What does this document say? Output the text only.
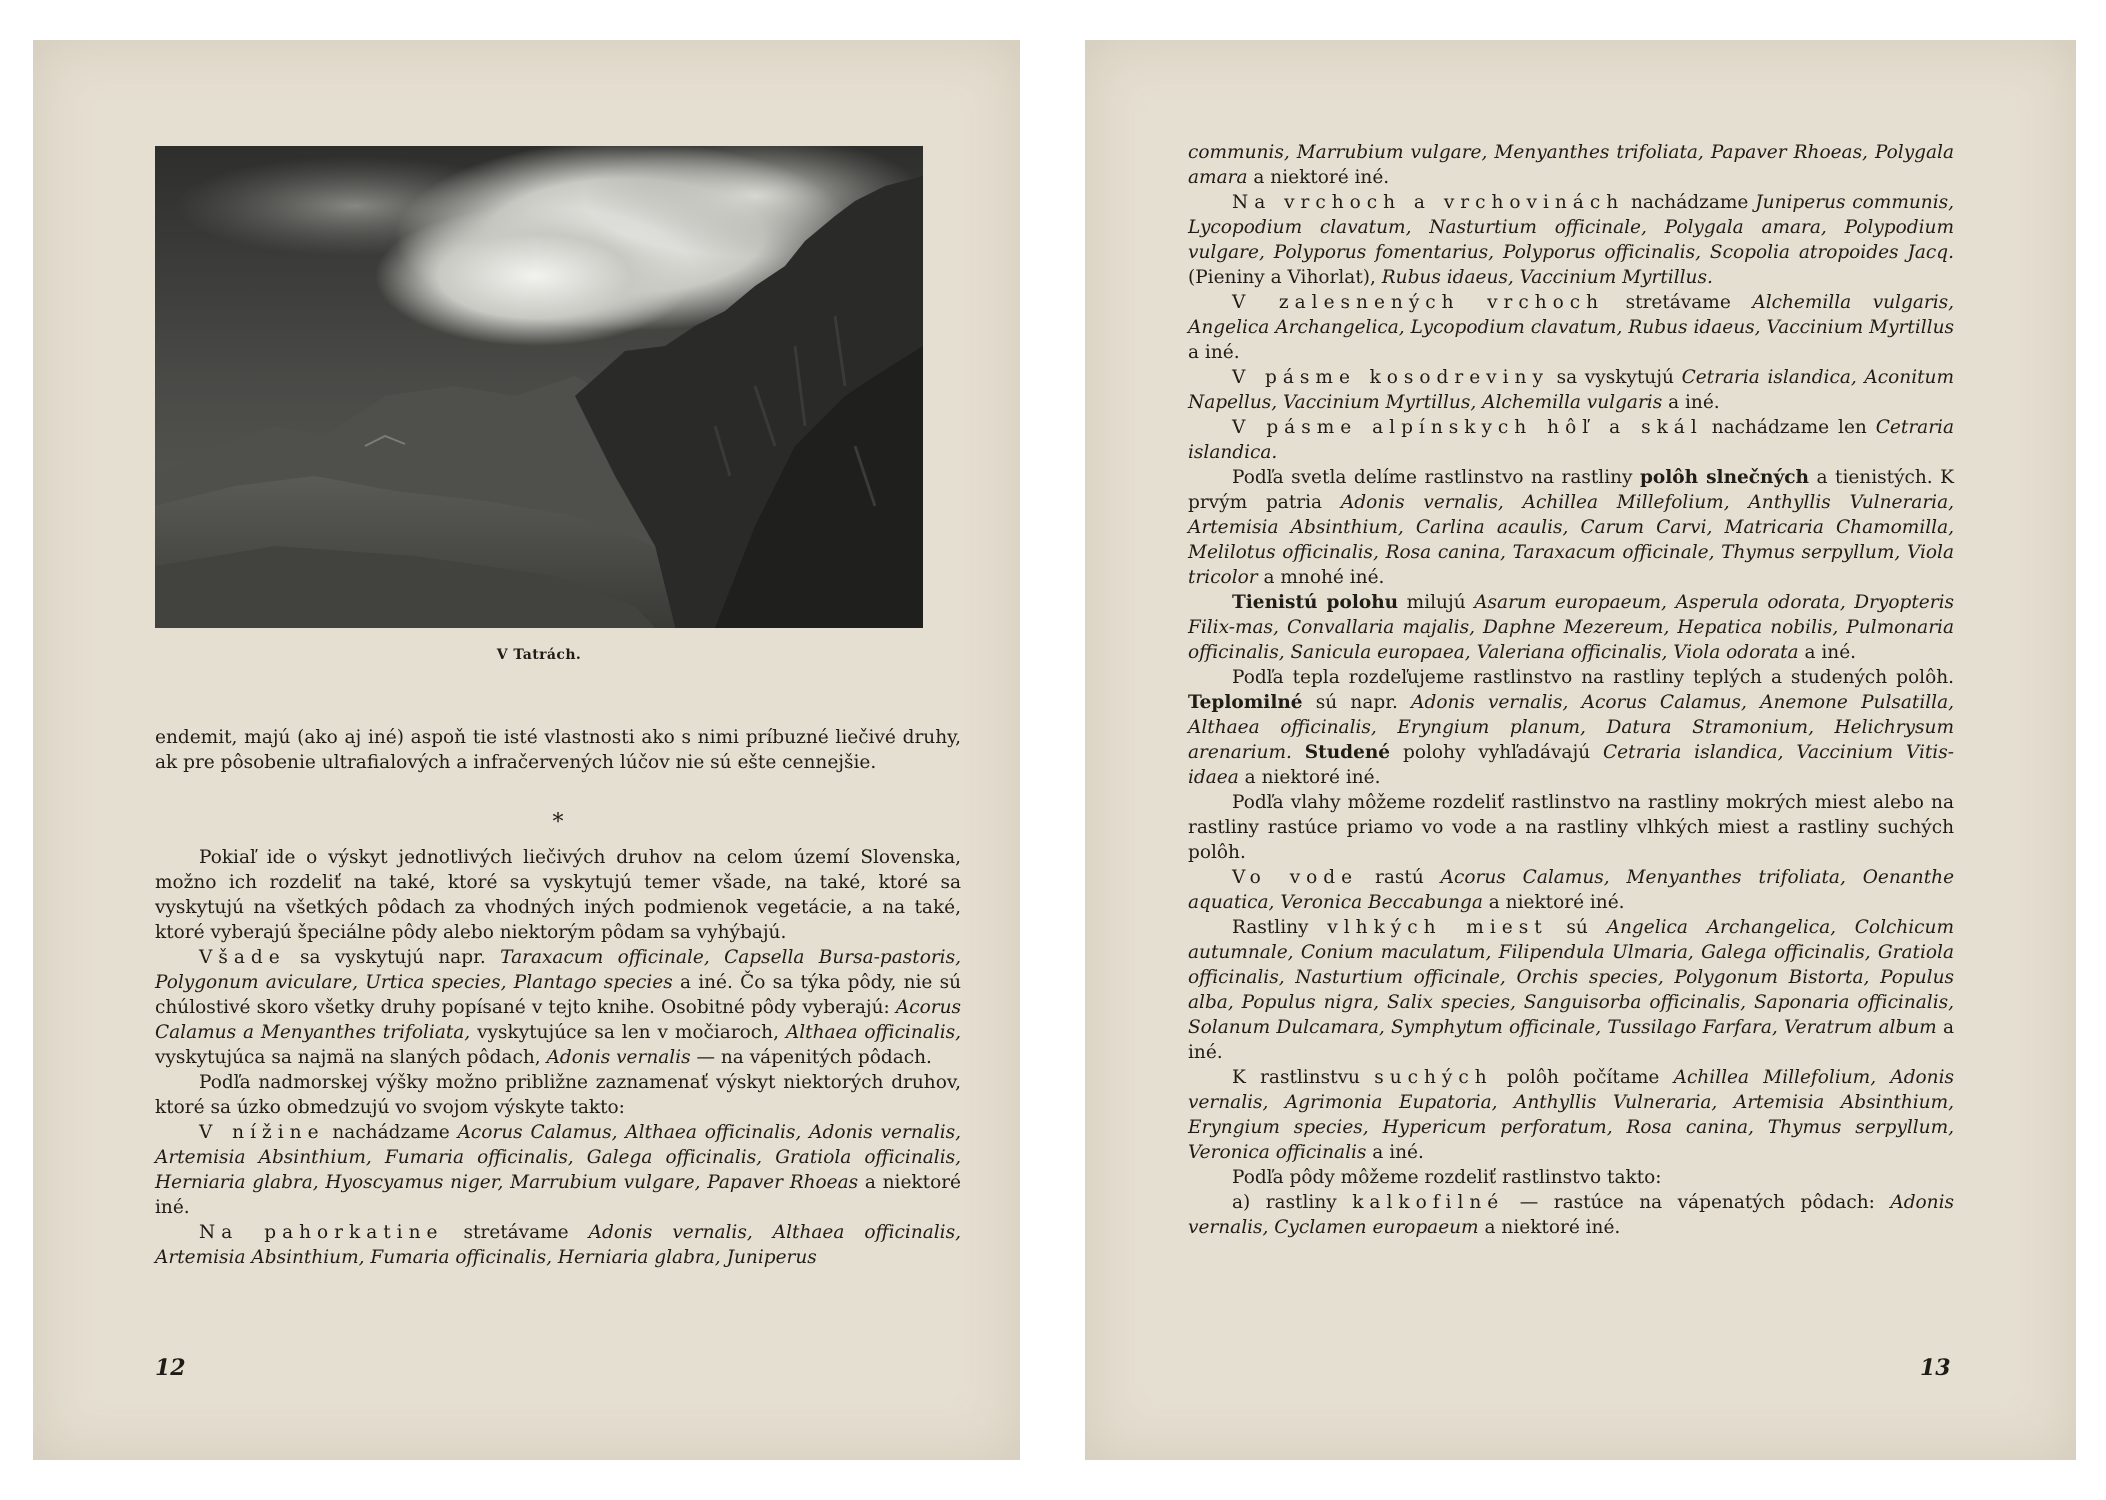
V Tatrách.

endemit, majú (ako aj iné) aspoň tie isté vlastnosti ako s nimi príbuzné liečivé druhy, ak pre pôsobenie ultrafialových a infračervených lúčov nie sú ešte cennejšie.

*

Pokiaľ ide o výskyt jednotlivých liečivých druhov na celom území Slovenska, možno ich rozdeliť na také, ktoré sa vyskytujú temer všade, na také, ktoré sa vyskytujú na všetkých pôdach za vhodných iných podmienok vegetácie, a na také, ktoré vyberajú špeciálne pôdy alebo niektorým pôdam sa vyhýbajú.

Všade sa vyskytujú napr. Taraxacum officinale, Capsella Bursa-pastoris, Polygonum aviculare, Urtica species, Plantago species a iné. Čo sa týka pôdy, nie sú chúlostivé skoro všetky druhy popísané v tejto knihe. Osobitné pôdy vyberajú: Acorus Calamus a Menyanthes trifoliata, vyskytujúce sa len v močiaroch, Althaea officinalis, vyskytujúca sa najmä na slaných pôdach, Adonis vernalis — na vápenitých pôdach.

Podľa nadmorskej výšky možno približne zaznamenať výskyt niektorých druhov, ktoré sa úzko obmedzujú vo svojom výskyte takto:

V nížine nachádzame Acorus Calamus, Althaea officinalis, Adonis vernalis, Artemisia Absinthium, Fumaria officinalis, Galega officinalis, Gratiola officinalis, Herniaria glabra, Hyoscyamus niger, Marrubium vulgare, Papaver Rhoeas a niektoré iné.

Na pahorkatine stretávame Adonis vernalis, Althaea officinalis, Artemisia Absinthium, Fumaria officinalis, Herniaria glabra, Juniperus

12

communis, Marrubium vulgare, Menyanthes trifoliata, Papaver Rhoeas, Polygala amara a niektoré iné.

Na vrchoch a vrchovinách nachádzame Juniperus communis, Lycopodium clavatum, Nasturtium officinale, Polygala amara, Polypodium vulgare, Polyporus fomentarius, Polyporus officinalis, Scopolia atropoides Jacq. (Pieniny a Vihorlat), Rubus idaeus, Vaccinium Myrtillus.

V zalesnených vrchoch stretávame Alchemilla vulgaris, Angelica Archangelica, Lycopodium clavatum, Rubus idaeus, Vaccinium Myrtillus a iné.

V pásme kosodreviny sa vyskytujú Cetraria islandica, Aconitum Napellus, Vaccinium Myrtillus, Alchemilla vulgaris a iné.

V pásme alpínskych hôľ a skál nachádzame len Cetraria islandica.

Podľa svetla delíme rastlinstvo na rastliny polôh slnečných a tienistých. K prvým patria Adonis vernalis, Achillea Millefolium, Anthyllis Vulneraria, Artemisia Absinthium, Carlina acaulis, Carum Carvi, Matricaria Chamomilla, Melilotus officinalis, Rosa canina, Taraxacum officinale, Thymus serpyllum, Viola tricolor a mnohé iné.

Tienistú polohu milujú Asarum europaeum, Asperula odorata, Dryopteris Filix-mas, Convallaria majalis, Daphne Mezereum, Hepatica nobilis, Pulmonaria officinalis, Sanicula europaea, Valeriana officinalis, Viola odorata a iné.

Podľa tepla rozdeľujeme rastlinstvo na rastliny teplých a studených polôh. Teplomilné sú napr. Adonis vernalis, Acorus Calamus, Anemone Pulsatilla, Althaea officinalis, Eryngium planum, Datura Stramonium, Helichrysum arenarium. Studené polohy vyhľadávajú Cetraria islandica, Vaccinium Vitis-idaea a niektoré iné.

Podľa vlahy môžeme rozdeliť rastlinstvo na rastliny mokrých miest alebo na rastliny rastúce priamo vo vode a na rastliny vlhkých miest a rastliny suchých polôh.

Vo vode rastú Acorus Calamus, Menyanthes trifoliata, Oenanthe aquatica, Veronica Beccabunga a niektoré iné.

Rastliny vlhkých miest sú Angelica Archangelica, Colchicum autumnale, Conium maculatum, Filipendula Ulmaria, Galega officinalis, Gratiola officinalis, Nasturtium officinale, Orchis species, Polygonum Bistorta, Populus alba, Populus nigra, Salix species, Sanguisorba officinalis, Saponaria officinalis, Solanum Dulcamara, Symphytum officinale, Tussilago Farfara, Veratrum album a iné.

K rastlinstvu suchých polôh počítame Achillea Millefolium, Adonis vernalis, Agrimonia Eupatoria, Anthyllis Vulneraria, Artemisia Absinthium, Eryngium species, Hypericum perforatum, Rosa canina, Thymus serpyllum, Veronica officinalis a iné.

Podľa pôdy môžeme rozdeliť rastlinstvo takto:

a) rastliny kalkofilné — rastúce na vápenatých pôdach: Adonis vernalis, Cyclamen europaeum a niektoré iné.

13
